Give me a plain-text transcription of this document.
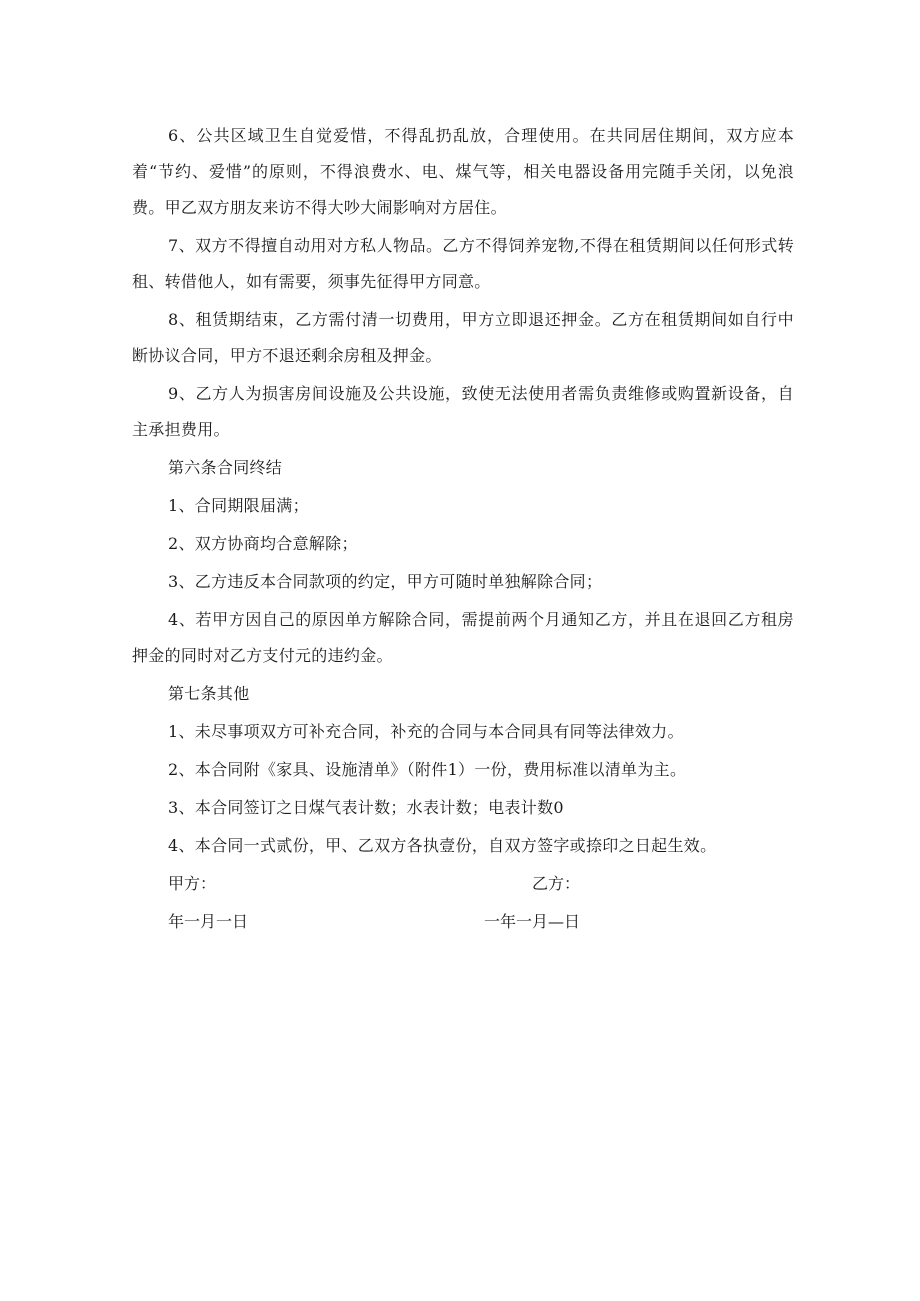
6、公共区域卫生自觉爱惜，不得乱扔乱放，合理使用。在共同居住期间，双方应本着“节约、爱惜”的原则，不得浪费水、电、煤气等，相关电器设备用完随手关闭，以免浪费。甲乙双方朋友来访不得大吵大闹影响对方居住。

7、双方不得擅自动用对方私人物品。乙方不得饲养宠物,不得在租赁期间以任何形式转租、转借他人，如有需要，须事先征得甲方同意。

8、租赁期结束，乙方需付清一切费用，甲方立即退还押金。乙方在租赁期间如自行中断协议合同，甲方不退还剩余房租及押金。

9、乙方人为损害房间设施及公共设施，致使无法使用者需负责维修或购置新设备，自主承担费用。

第六条合同终结

1、合同期限届满；

2、双方协商均合意解除；

3、乙方违反本合同款项的约定，甲方可随时单独解除合同；

4、若甲方因自己的原因单方解除合同，需提前两个月通知乙方，并且在退回乙方租房押金的同时对乙方支付元的违约金。

第七条其他

1、未尽事项双方可补充合同，补充的合同与本合同具有同等法律效力。

2、本合同附《家具、设施清单》（附件1）一份，费用标准以清单为主。

3、本合同签订之日煤气表计数；水表计数；电表计数0

4、本合同一式贰份，甲、乙双方各执壹份，自双方签字或捺印之日起生效。

甲方：	乙方：
年一月一日	一年一月—日
